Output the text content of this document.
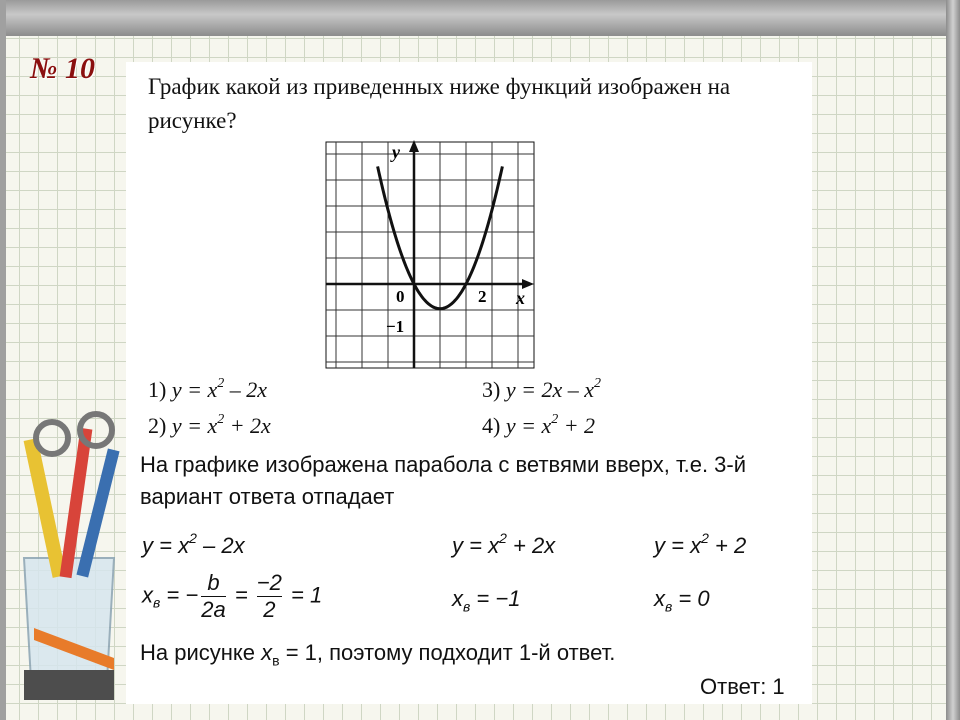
№ 10
График какой из приведенных ниже функций изображен на рисунке?
y
x
0	2
−1
1) $y = x^2 - 2x$
2) $y = x^2 + 2x$
3) $y = 2x - x^2$
4) $y = x^2 + 2$
На графике изображена парабола с ветвями вверх, т.е. 3-й
вариант ответа отпадает
$y = x^2 - 2x$	$y = x^2 + 2x$	$y = x^2 + 2$
$x_в$ = − $\frac{b}{2a} = \frac{-2}{2} = 1$	$x_в = -1$	$x_в = 0$
На рисунке $x_в = 1$, поэтому подходит 1-й ответ.
Ответ: 1
